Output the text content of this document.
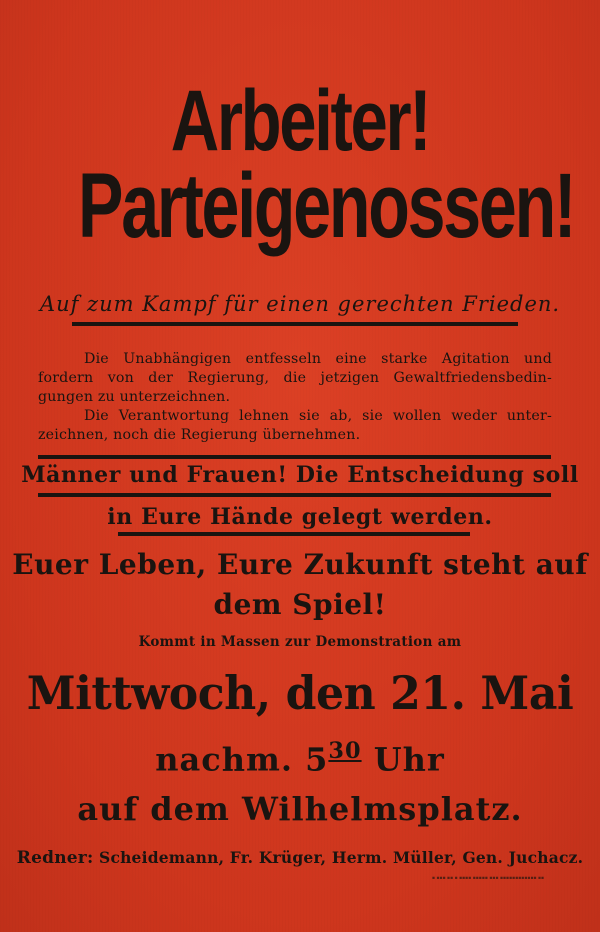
Arbeiter!
Parteigenossen!
Auf zum Kampf für einen gerechten Frieden.
Die Unabhängigen entfesseln eine starke Agitation und
fordern von der Regierung, die jetzigen Gewaltfriedensbedin-
gungen zu unterzeichnen.
Die Verantwortung lehnen sie ab, sie wollen weder unter-
zeichnen, noch die Regierung übernehmen.
Männer und Frauen! Die Entscheidung soll
in Eure Hände gelegt werden.
Euer Leben, Eure Zukunft steht auf
dem Spiel!
Kommt in Massen zur Demonstration am
Mittwoch, den 21. Mai
nachm. $5^{30}$ Uhr
auf dem Wilhelmsplatz.
Redner: Scheidemann, Fr. Krüger, Herm. Müller, Gen. Juchacz.
▪ ▪▪▪ ▪▪ ▪ ▪▪▪▪ ▪▪▪▪▪ ▪▪▪ ▪▪▪▪▪▪▪▪▪▪▪▪ ▪▪
